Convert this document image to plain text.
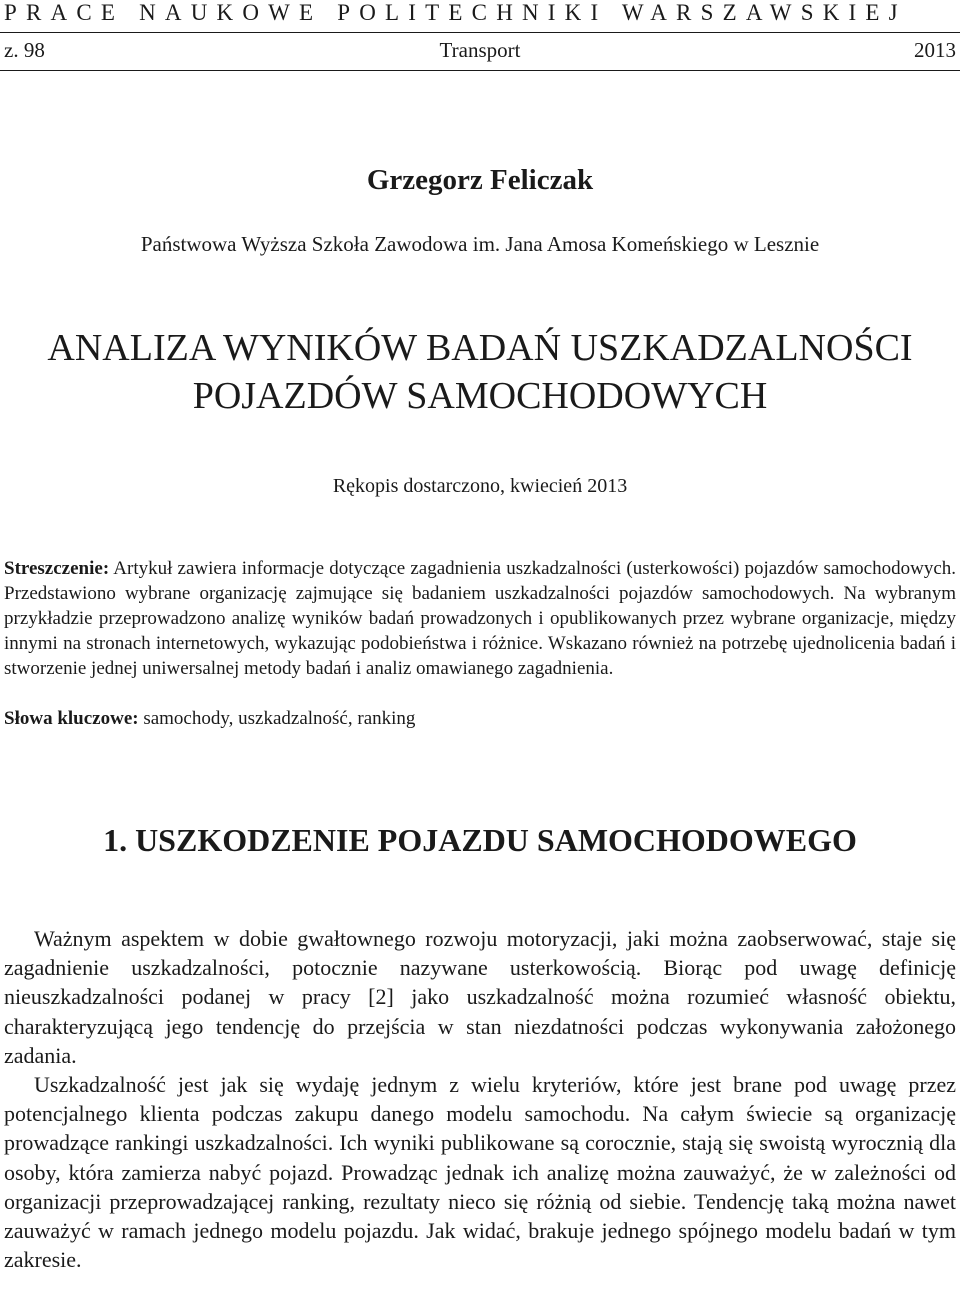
PRACE NAUKOWE POLITECHNIKI WARSZAWSKIEJ
z. 98	Transport	2013
Grzegorz Feliczak
Państwowa Wyższa Szkoła Zawodowa im. Jana Amosa Komeńskiego w Lesznie
ANALIZA WYNIKÓW BADAŃ USZKADZALNOŚCI
POJAZDÓW SAMOCHODOWYCH
Rękopis dostarczono, kwiecień 2013
Streszczenie: Artykuł zawiera informacje dotyczące zagadnienia uszkadzalności (usterkowości) pojazdów samochodowych. Przedstawiono wybrane organizację zajmujące się badaniem uszkadzalności pojazdów samochodowych. Na wybranym przykładzie przeprowadzono analizę wyników badań prowadzonych i opublikowanych przez wybrane organizacje, między innymi na stronach internetowych, wykazując podobieństwa i różnice. Wskazano również na potrzebę ujednolicenia badań i stworzenie jednej uniwersalnej metody badań i analiz omawianego zagadnienia.
Słowa kluczowe: samochody, uszkadzalność, ranking
1. USZKODZENIE POJAZDU SAMOCHODOWEGO

Ważnym aspektem w dobie gwałtownego rozwoju motoryzacji, jaki można zaobserwować, staje się zagadnienie uszkadzalności, potocznie nazywane usterkowością. Biorąc pod uwagę definicję nieuszkadzalności podanej w pracy [2] jako uszkadzalność można rozumieć własność obiektu, charakteryzującą jego tendencję do przejścia w stan niezdatności podczas wykonywania założonego zadania.

Uszkadzalność jest jak się wydaję jednym z wielu kryteriów, które jest brane pod uwagę przez potencjalnego klienta podczas zakupu danego modelu samochodu. Na całym świecie są organizację prowadzące rankingi uszkadzalności. Ich wyniki publikowane są corocznie, stają się swoistą wyrocznią dla osoby, która zamierza nabyć pojazd. Prowadząc jednak ich analizę można zauważyć, że w zależności od organizacji przeprowadzającej ranking, rezultaty nieco się różnią od siebie. Tendencję taką można nawet zauważyć w ramach jednego modelu pojazdu. Jak widać, brakuje jednego spójnego modelu badań w tym zakresie.
